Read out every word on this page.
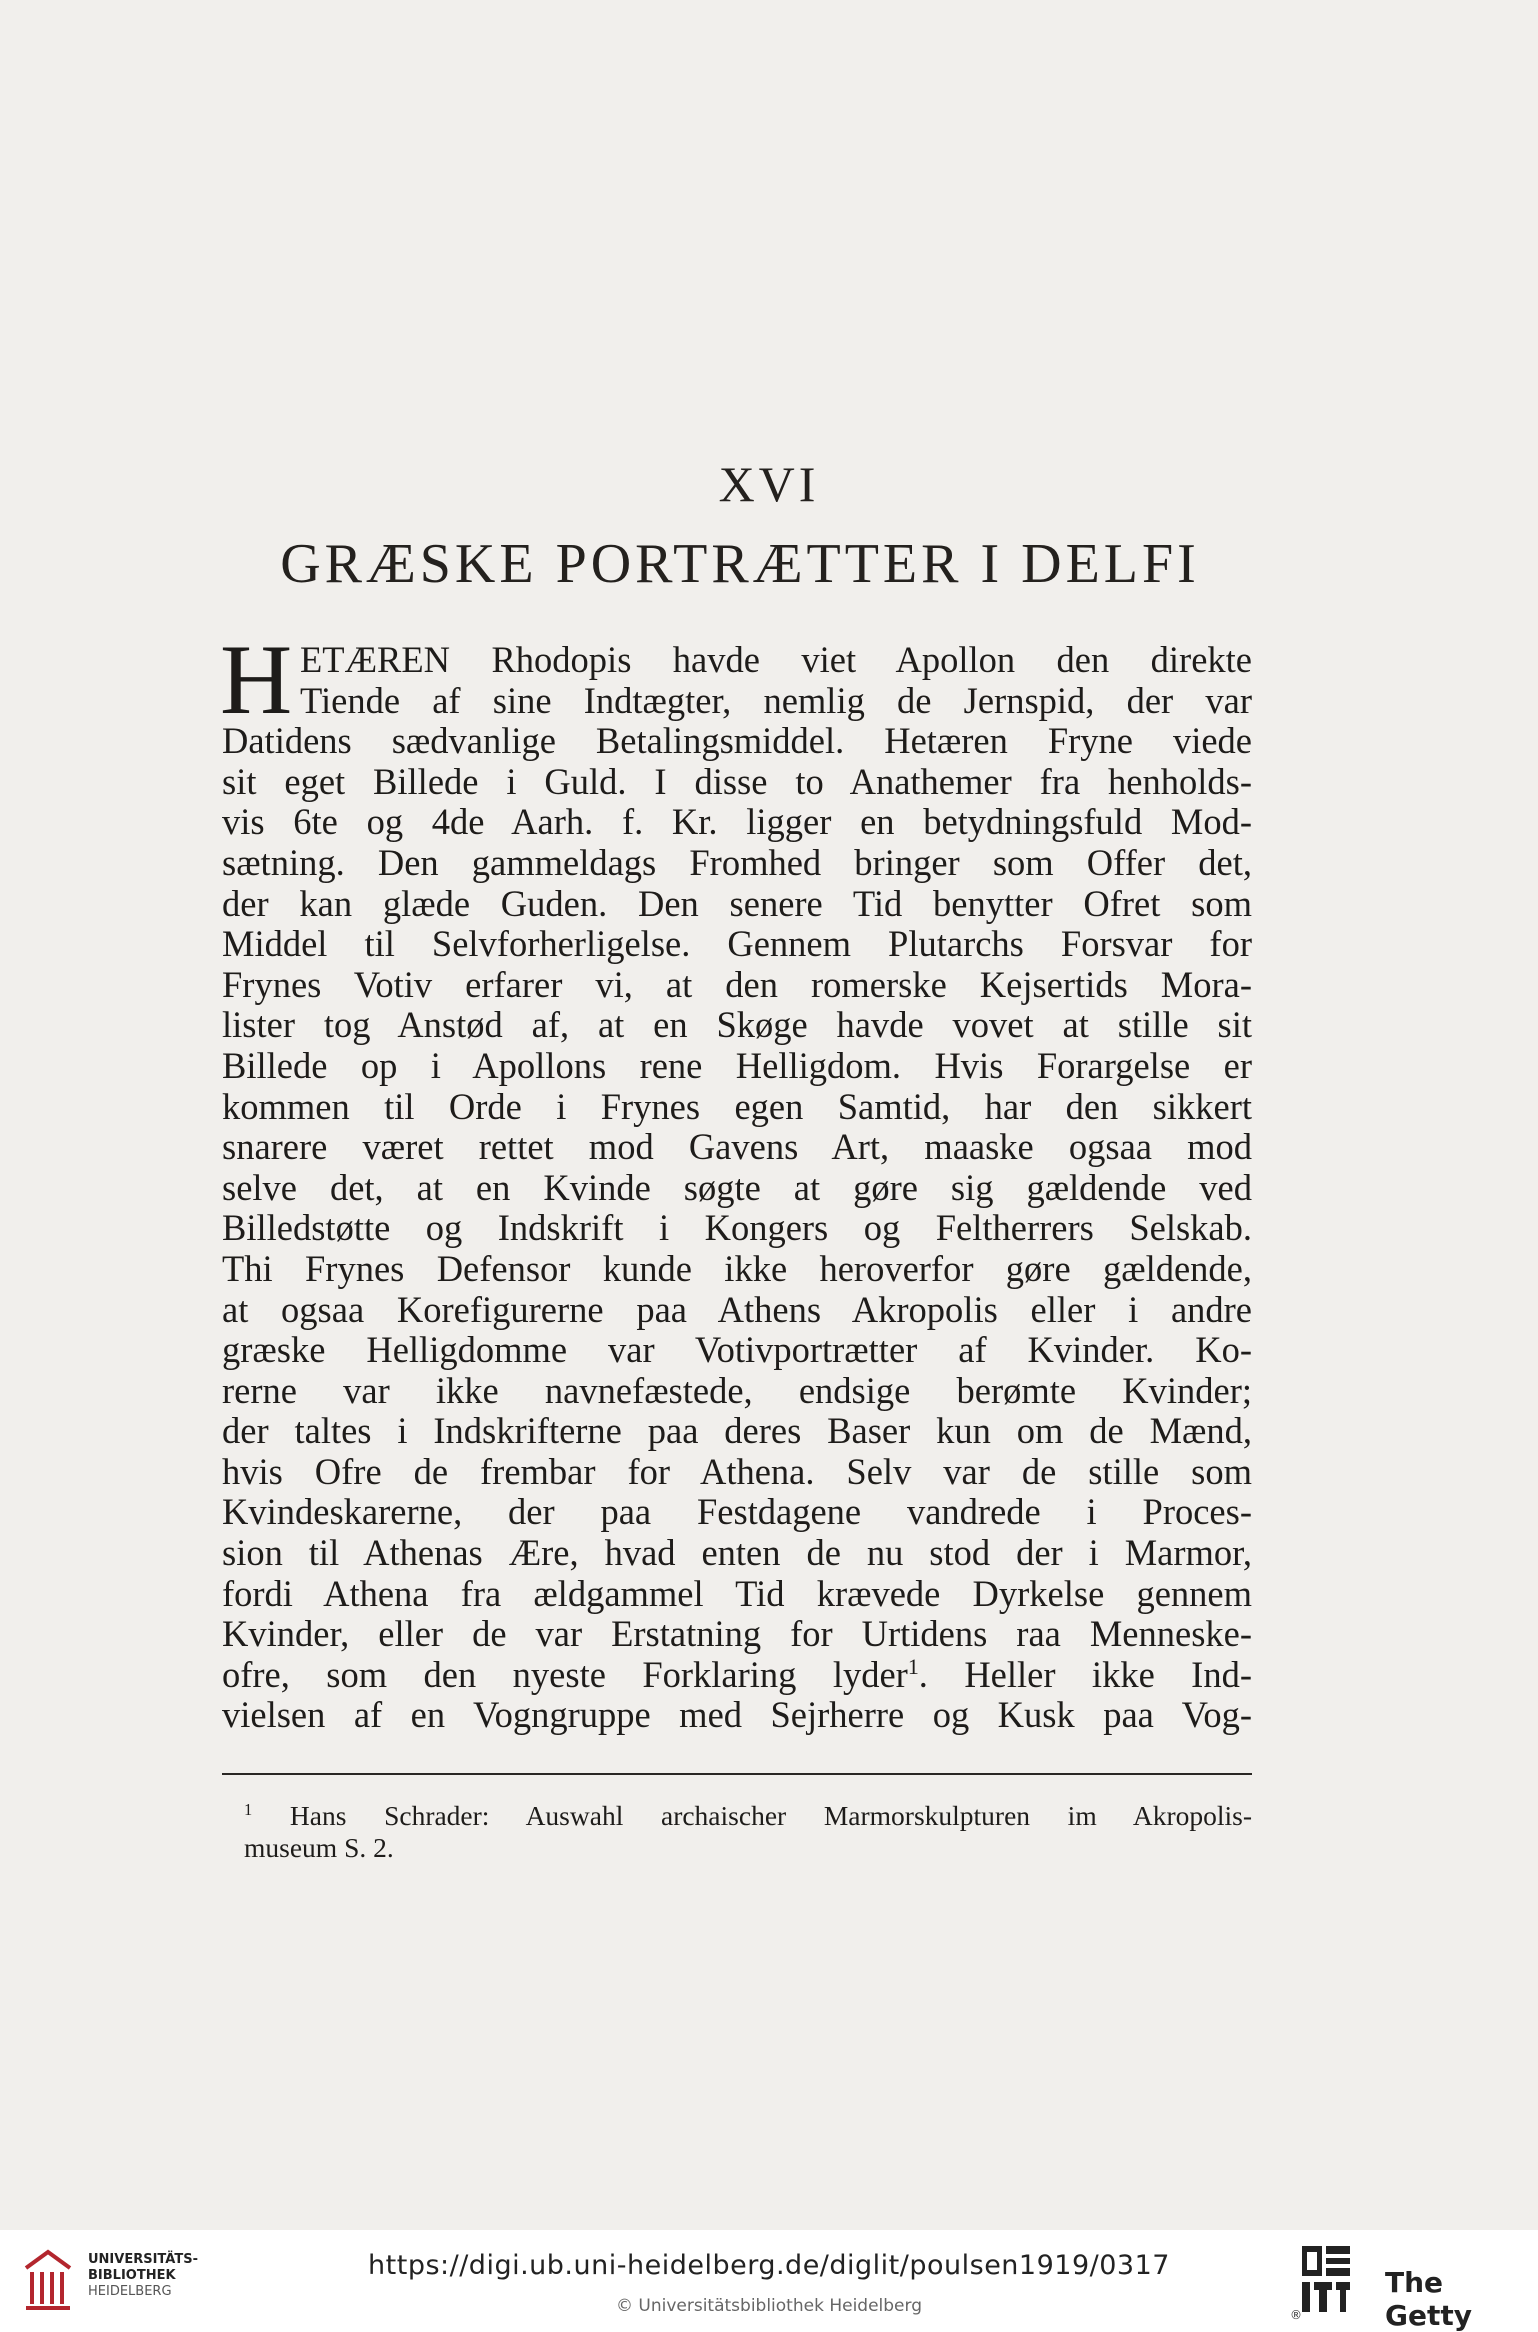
XVI
GRÆSKE PORTRÆTTER I DELFI
H ETÆREN Rhodopis havde viet Apollon den direkte
Tiende af sine Indtægter, nemlig de Jernspid, der var
Datidens sædvanlige Betalingsmiddel. Hetæren Fryne viede
sit eget Billede i Guld. I disse to Anathemer fra henholds-
vis 6te og 4de Aarh. f. Kr. ligger en betydningsfuld Mod-
sætning. Den gammeldags Fromhed bringer som Offer det,
der kan glæde Guden. Den senere Tid benytter Ofret som
Middel til Selvforherligelse. Gennem Plutarchs Forsvar for
Frynes Votiv erfarer vi, at den romerske Kejsertids Mora-
lister tog Anstød af, at en Skøge havde vovet at stille sit
Billede op i Apollons rene Helligdom. Hvis Forargelse er
kommen til Orde i Frynes egen Samtid, har den sikkert
snarere været rettet mod Gavens Art, maaske ogsaa mod
selve det, at en Kvinde søgte at gøre sig gældende ved
Billedstøtte og Indskrift i Kongers og Feltherrers Selskab.
Thi Frynes Defensor kunde ikke heroverfor gøre gældende,
at ogsaa Korefigurerne paa Athens Akropolis eller i andre
græske Helligdomme var Votivportrætter af Kvinder. Ko-
rerne var ikke navnefæstede, endsige berømte Kvinder;
der taltes i Indskrifterne paa deres Baser kun om de Mænd,
hvis Ofre de frembar for Athena. Selv var de stille som
Kvindeskarerne, der paa Festdagene vandrede i Proces-
sion til Athenas Ære, hvad enten de nu stod der i Marmor,
fordi Athena fra ældgammel Tid krævede Dyrkelse gennem
Kvinder, eller de var Erstatning for Urtidens raa Menneske-
ofre, som den nyeste Forklaring lyder$^1$. Heller ikke Ind-
vielsen af en Vogngruppe med Sejrherre og Kusk paa Vog-
$^1$ Hans Schrader: Auswahl archaischer Marmorskulpturen im Akropolis-
museum S. 2.
UNIVERSITÄTS-
BIBLIOTHEK
HEIDELBERG
https://digi.ub.uni-heidelberg.de/diglit/poulsen1919/0317
© Universitätsbibliothek Heidelberg	®
The Getty
